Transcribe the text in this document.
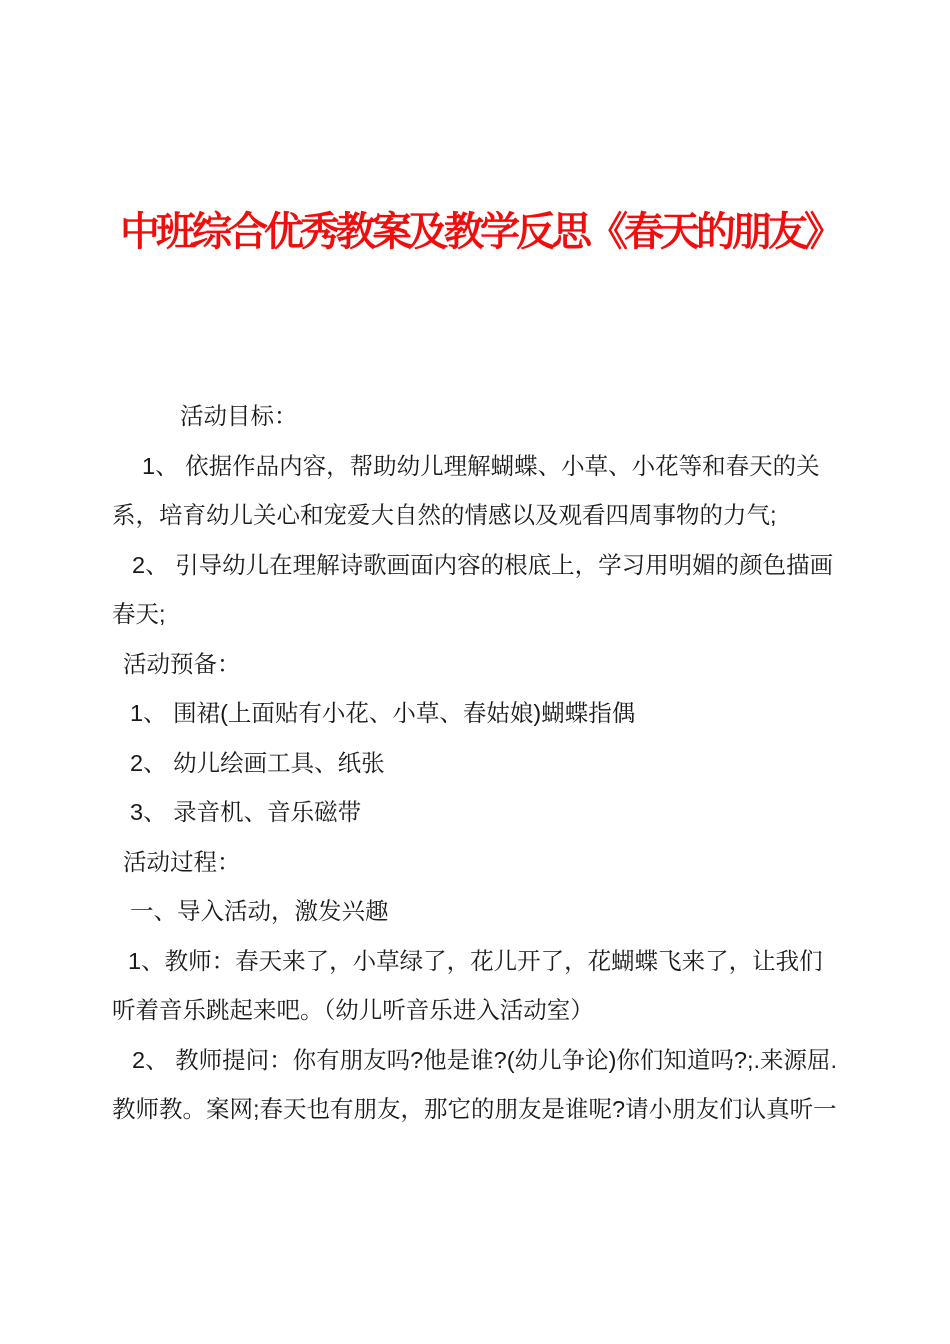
中班综合优秀教案及教学反思《春天的朋友》
活动目标：
1、 依据作品内容，帮助幼儿理解蝴蝶、小草、小花等和春天的关
系，培育幼儿关心和宠爱大自然的情感以及观看四周事物的力气;
2、 引导幼儿在理解诗歌画面内容的根底上，学习用明媚的颜色描画
春天;
活动预备：
1、 围裙(上面贴有小花、小草、春姑娘)蝴蝶指偶
2、 幼儿绘画工具、纸张
3、 录音机、音乐磁带
活动过程：
一、导入活动，激发兴趣
1、教师：春天来了，小草绿了，花儿开了，花蝴蝶飞来了，让我们
听着音乐跳起来吧。（幼儿听音乐进入活动室）
2、 教师提问：你有朋友吗?他是谁?(幼儿争论)你们知道吗?;.来源屈.
教师教。案网;春天也有朋友，那它的朋友是谁呢?请小朋友们认真听一
